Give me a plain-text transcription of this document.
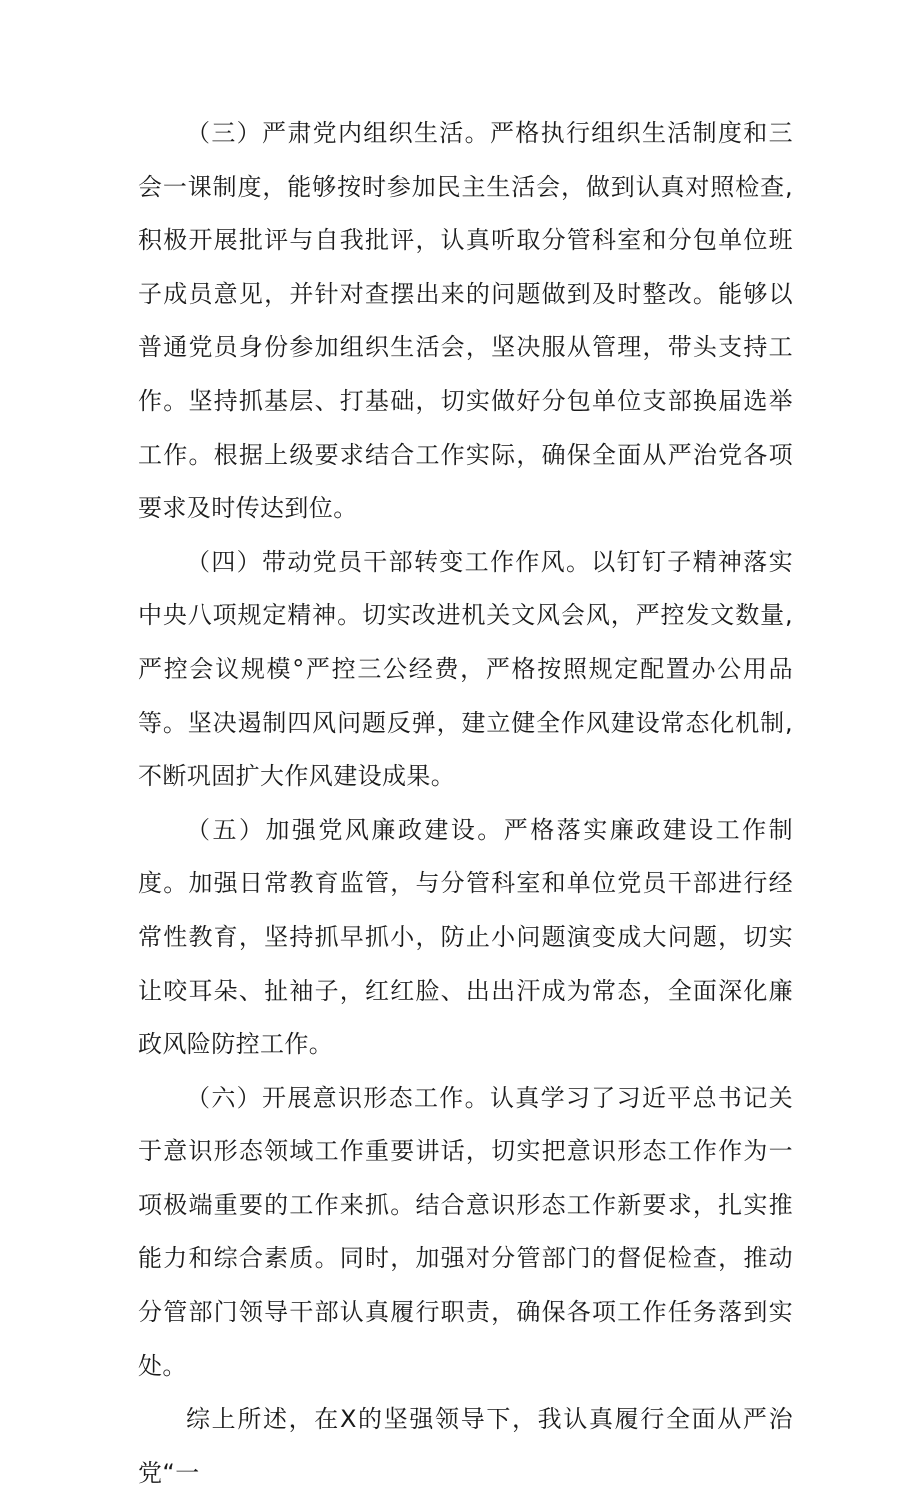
（三）严肃党内组织生活。严格执行组织生活制度和三会一课制度，能够按时参加民主生活会，做到认真对照检查,积极开展批评与自我批评，认真听取分管科室和分包单位班子成员意见，并针对查摆出来的问题做到及时整改。能够以普通党员身份参加组织生活会，坚决服从管理，带头支持工作。坚持抓基层、打基础，切实做好分包单位支部换届选举工作。根据上级要求结合工作实际，确保全面从严治党各项要求及时传达到位。

（四）带动党员干部转变工作作风。以钉钉子精神落实中央八项规定精神。切实改进机关文风会风，严控发文数量,严控会议规模°严控三公经费，严格按照规定配置办公用品等。坚决遏制四风问题反弹，建立健全作风建设常态化机制,不断巩固扩大作风建设成果。

（五）加强党风廉政建设。严格落实廉政建设工作制度。加强日常教育监管，与分管科室和单位党员干部进行经常性教育，坚持抓早抓小，防止小问题演变成大问题，切实让咬耳朵、扯袖子，红红脸、出出汗成为常态，全面深化廉政风险防控工作。

（六）开展意识形态工作。认真学习了习近平总书记关于意识形态领域工作重要讲话，切实把意识形态工作作为一项极端重要的工作来抓。结合意识形态工作新要求，扎实推能力和综合素质。同时，加强对分管部门的督促检查，推动分管部门领导干部认真履行职责，确保各项工作任务落到实处。

综上所述，在X的坚强领导下，我认真履行全面从严治党“一
